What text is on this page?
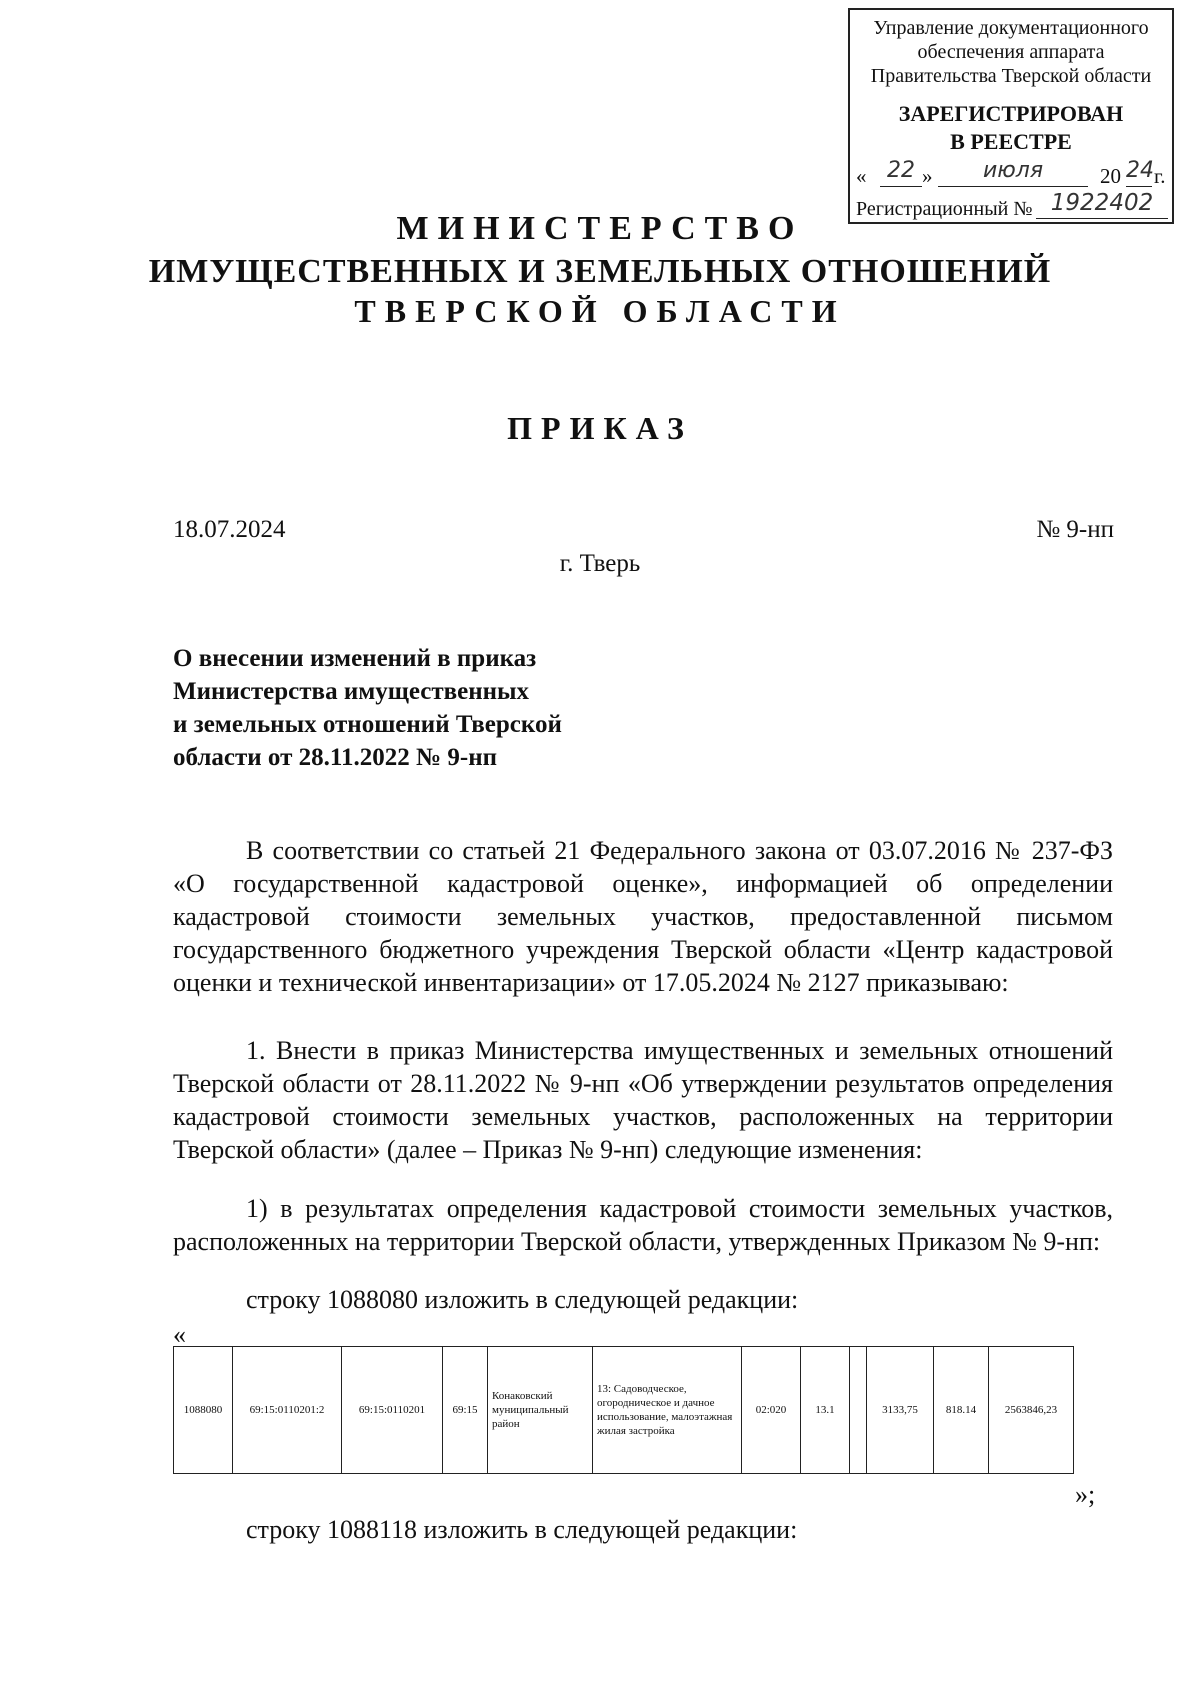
Управление документационного
обеспечения аппарата
Правительства Тверской области
ЗАРЕГИСТРИРОВАН
В РЕЕСТРЕ
« 22 »	июля	20 24 г.
Регистрационный № 1922402
МИНИСТЕРСТВО
ИМУЩЕСТВЕННЫХ И ЗЕМЕЛЬНЫХ ОТНОШЕНИЙ
ТВЕРСКОЙ ОБЛАСТИ
ПРИКАЗ
18.07.2024	№ 9-нп
г. Тверь
О внесении изменений в приказ
Министерства имущественных
и земельных отношений Тверской
области от 28.11.2022 № 9-нп

В соответствии со статьей 21 Федерального закона от 03.07.2016 № 237-ФЗ «О государственной кадастровой оценке», информацией об определении кадастровой стоимости земельных участков, предоставленной письмом государственного бюджетного учреждения Тверской области «Центр кадастровой оценки и технической инвентаризации» от 17.05.2024 № 2127 приказываю:

1. Внести в приказ Министерства имущественных и земельных отношений Тверской области от 28.11.2022 № 9-нп «Об утверждении результатов определения кадастровой стоимости земельных участков, расположенных на территории Тверской области» (далее – Приказ № 9-нп) следующие изменения:

1) в результатах определения кадастровой стоимости земельных участков, расположенных на территории Тверской области, утвержденных Приказом № 9-нп:

строку 1088080 изложить в следующей редакции:
«
1088080	69:15:0110201:2	69:15:0110201	69:15	Конаковский муниципальный район	13: Садоводческое, огородническое и дачное использование, малоэтажная жилая застройка	02:020	13.1		3133,75	818.14	2563846,23
»;
строку 1088118 изложить в следующей редакции:
